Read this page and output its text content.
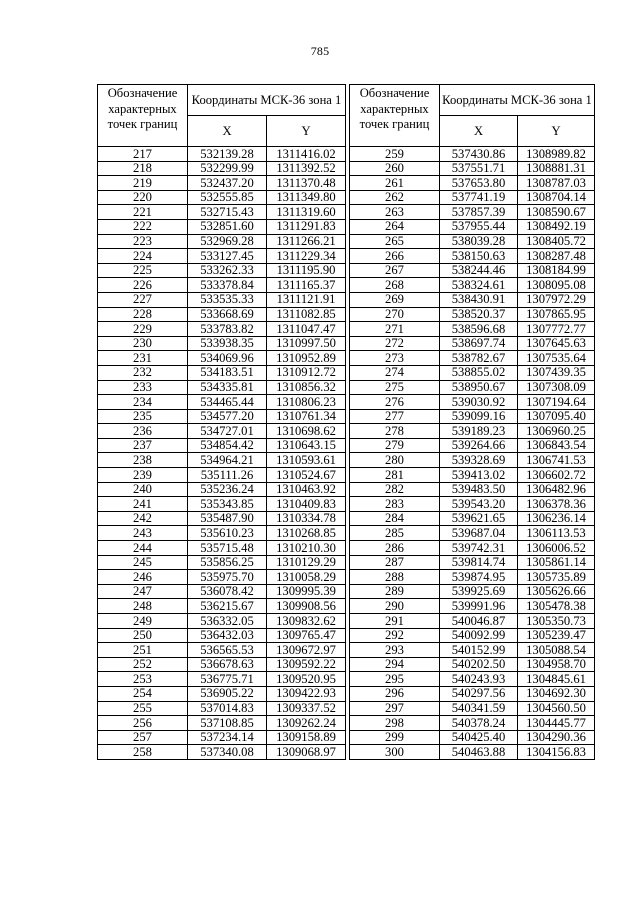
785
Обозначение характерных точек границ	Координаты МСК-36 зона 1	
	X	Y
217	532139.28	1311416.02
218	532299.99	1311392.52
219	532437.20	1311370.48
220	532555.85	1311349.80
221	532715.43	1311319.60
222	532851.60	1311291.83
223	532969.28	1311266.21
224	533127.45	1311229.34
225	533262.33	1311195.90
226	533378.84	1311165.37
227	533535.33	1311121.91
228	533668.69	1311082.85
229	533783.82	1311047.47
230	533938.35	1310997.50
231	534069.96	1310952.89
232	534183.51	1310912.72
233	534335.81	1310856.32
234	534465.44	1310806.23
235	534577.20	1310761.34
236	534727.01	1310698.62
237	534854.42	1310643.15
238	534964.21	1310593.61
239	535111.26	1310524.67
240	535236.24	1310463.92
241	535343.85	1310409.83
242	535487.90	1310334.78
243	535610.23	1310268.85
244	535715.48	1310210.30
245	535856.25	1310129.29
246	535975.70	1310058.29
247	536078.42	1309995.39
248	536215.67	1309908.56
249	536332.05	1309832.62
250	536432.03	1309765.47
251	536565.53	1309672.97
252	536678.63	1309592.22
253	536775.71	1309520.95
254	536905.22	1309422.93
255	537014.83	1309337.52
256	537108.85	1309262.24
257	537234.14	1309158.89
258	537340.08	1309068.97
Обозначение характерных точек границ	Координаты МСК-36 зона 1	
	X	Y
259	537430.86	1308989.82
260	537551.71	1308881.31
261	537653.80	1308787.03
262	537741.19	1308704.14
263	537857.39	1308590.67
264	537955.44	1308492.19
265	538039.28	1308405.72
266	538150.63	1308287.48
267	538244.46	1308184.99
268	538324.61	1308095.08
269	538430.91	1307972.29
270	538520.37	1307865.95
271	538596.68	1307772.77
272	538697.74	1307645.63
273	538782.67	1307535.64
274	538855.02	1307439.35
275	538950.67	1307308.09
276	539030.92	1307194.64
277	539099.16	1307095.40
278	539189.23	1306960.25
279	539264.66	1306843.54
280	539328.69	1306741.53
281	539413.02	1306602.72
282	539483.50	1306482.96
283	539543.20	1306378.36
284	539621.65	1306236.14
285	539687.04	1306113.53
286	539742.31	1306006.52
287	539814.74	1305861.14
288	539874.95	1305735.89
289	539925.69	1305626.66
290	539991.96	1305478.38
291	540046.87	1305350.73
292	540092.99	1305239.47
293	540152.99	1305088.54
294	540202.50	1304958.70
295	540243.93	1304845.61
296	540297.56	1304692.30
297	540341.59	1304560.50
298	540378.24	1304445.77
299	540425.40	1304290.36
300	540463.88	1304156.83
